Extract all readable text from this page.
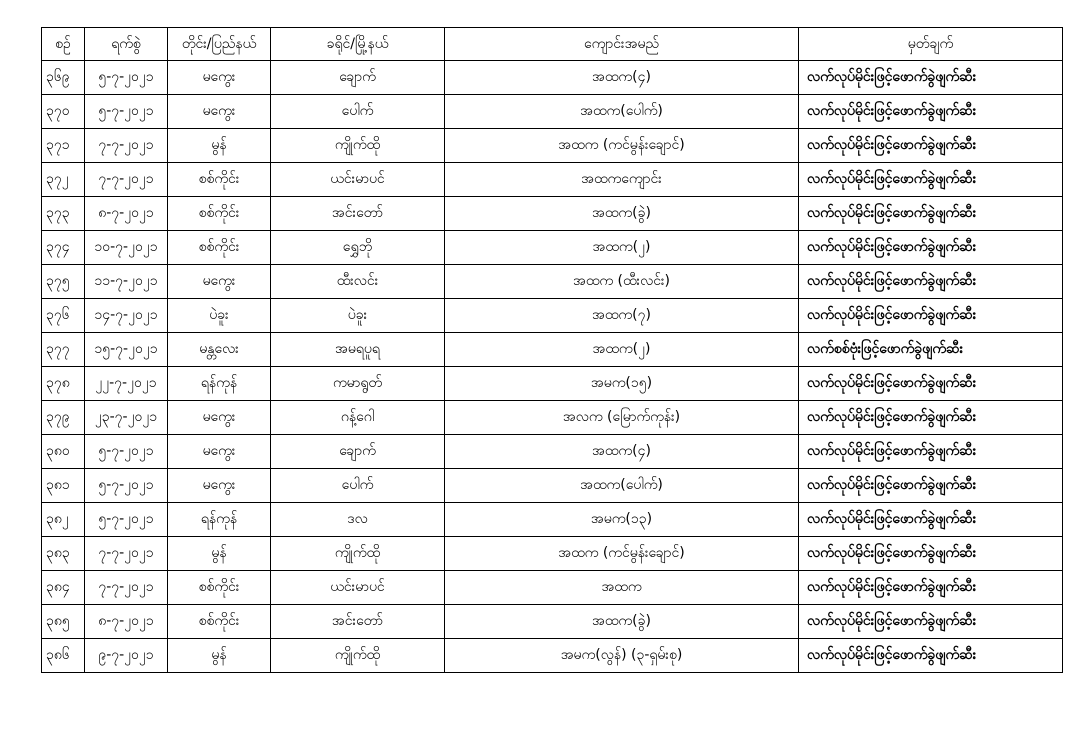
စဉ်	ရက်စွဲ	တိုင်း/ပြည်နယ်	ခရိုင်/မြို့နယ်	ကျောင်းအမည်	မှတ်ချက်
၃၆၉	၅-၇-၂၀၂၁	မကွေး	ချောက်	အထက(၄)	လက်လုပ်မိုင်းဖြင့်ဖောက်ခွဲဖျက်ဆီး
၃၇၀	၅-၇-၂၀၂၁	မကွေး	ပေါက်	အထက(ပေါက်)	လက်လုပ်မိုင်းဖြင့်ဖောက်ခွဲဖျက်ဆီး
၃၇၁	၇-၇-၂၀၂၁	မွန်	ကျိုက်ထို	အထက (ကင်မွန်းချောင်)	လက်လုပ်မိုင်းဖြင့်ဖောက်ခွဲဖျက်ဆီး
၃၇၂	၇-၇-၂၀၂၁	စစ်ကိုင်း	ယင်းမာပင်	အထကကျောင်း	လက်လုပ်မိုင်းဖြင့်ဖောက်ခွဲဖျက်ဆီး
၃၇၃	၈-၇-၂၀၂၁	စစ်ကိုင်း	အင်းတော်	အထက(ခွဲ)	လက်လုပ်မိုင်းဖြင့်ဖောက်ခွဲဖျက်ဆီး
၃၇၄	၁၀-၇-၂၀၂၁	စစ်ကိုင်း	ရွှေဘို	အထက(၂)	လက်လုပ်မိုင်းဖြင့်ဖောက်ခွဲဖျက်ဆီး
၃၇၅	၁၁-၇-၂၀၂၁	မကွေး	ထီးလင်း	အထက (ထီးလင်း)	လက်လုပ်မိုင်းဖြင့်ဖောက်ခွဲဖျက်ဆီး
၃၇၆	၁၄-၇-၂၀၂၁	ပဲခူး	ပဲခူး	အထက(၇)	လက်လုပ်မိုင်းဖြင့်ဖောက်ခွဲဖျက်ဆီး
၃၇၇	၁၅-၇-၂၀၂၁	မန္တလေး	အမရပူရ	အထက(၂)	လက်စစ်ဗုံးဖြင့်ဖောက်ခွဲဖျက်ဆီး
၃၇၈	၂၂-၇-၂၀၂၁	ရန်ကုန်	ကမာရွတ်	အမက(၁၅)	လက်လုပ်မိုင်းဖြင့်ဖောက်ခွဲဖျက်ဆီး
၃၇၉	၂၃-၇-၂၀၂၁	မကွေး	ဂန့်ဂေါ	အလက (မြောက်ကုန်း)	လက်လုပ်မိုင်းဖြင့်ဖောက်ခွဲဖျက်ဆီး
၃၈၀	၅-၇-၂၀၂၁	မကွေး	ချောက်	အထက(၄)	လက်လုပ်မိုင်းဖြင့်ဖောက်ခွဲဖျက်ဆီး
၃၈၁	၅-၇-၂၀၂၁	မကွေး	ပေါက်	အထက(ပေါက်)	လက်လုပ်မိုင်းဖြင့်ဖောက်ခွဲဖျက်ဆီး
၃၈၂	၅-၇-၂၀၂၁	ရန်ကုန်	ဒလ	အမက(၁၃)	လက်လုပ်မိုင်းဖြင့်ဖောက်ခွဲဖျက်ဆီး
၃၈၃	၇-၇-၂၀၂၁	မွန်	ကျိုက်ထို	အထက (ကင်မွန်းချောင်)	လက်လုပ်မိုင်းဖြင့်ဖောက်ခွဲဖျက်ဆီး
၃၈၄	၇-၇-၂၀၂၁	စစ်ကိုင်း	ယင်းမာပင်	အထက	လက်လုပ်မိုင်းဖြင့်ဖောက်ခွဲဖျက်ဆီး
၃၈၅	၈-၇-၂၀၂၁	စစ်ကိုင်း	အင်းတော်	အထက(ခွဲ)	လက်လုပ်မိုင်းဖြင့်ဖောက်ခွဲဖျက်ဆီး
၃၈၆	၉-၇-၂၀၂၁	မွန်	ကျိုက်ထို	အမက(လွန်) (၃-ရှမ်းစု)	လက်လုပ်မိုင်းဖြင့်ဖောက်ခွဲဖျက်ဆီး
